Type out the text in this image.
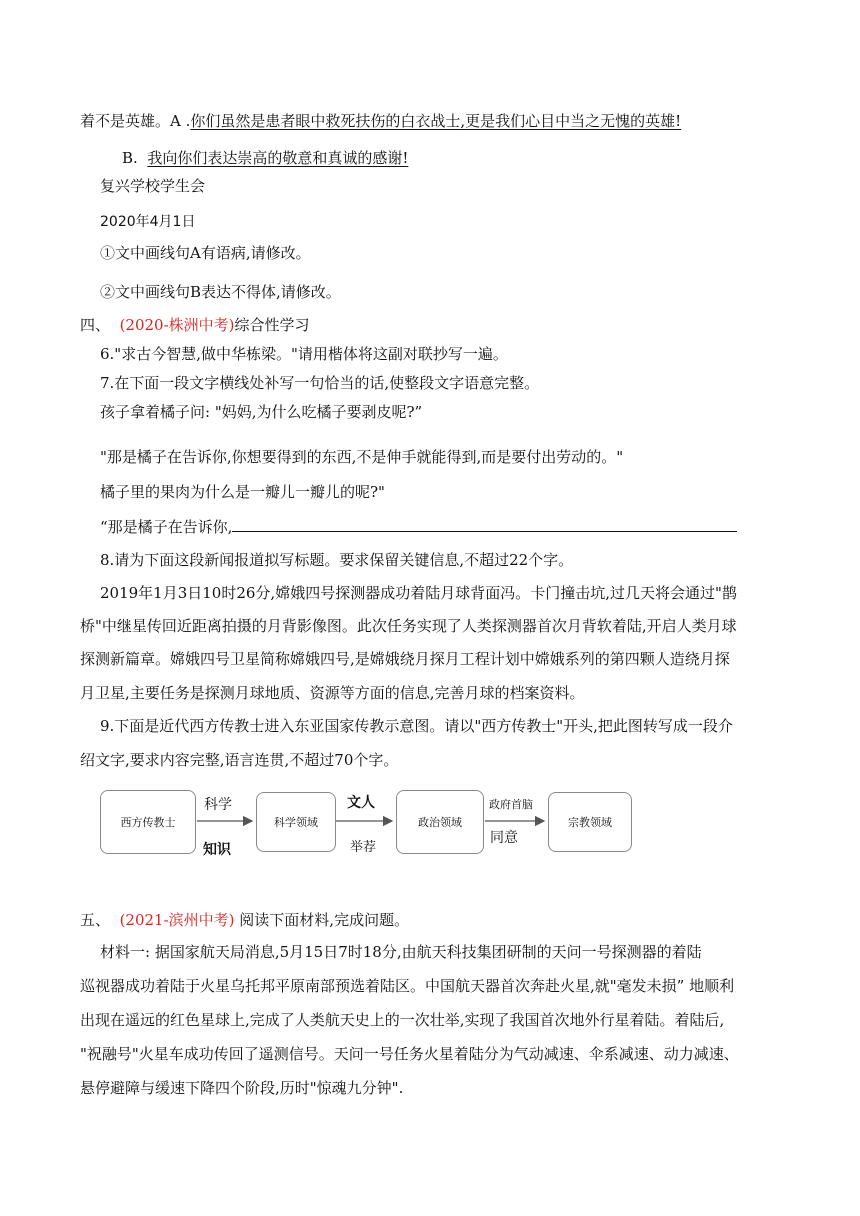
着不是英雄。A .你们虽然是患者眼中救死扶伤的白衣战士,更是我们心目中当之无愧的英雄!
B. 我向你们表达崇高的敬意和真诚的感谢!
复兴学校学生会
2020年4月1日
①文中画线句A有语病,请修改。
②文中画线句B表达不得体,请修改。
四、 (2020-株洲中考)综合性学习
6."求古今智慧,做中华栋梁。"请用楷体将这副对联抄写一遍。
7.在下面一段文字横线处补写一句恰当的话,使整段文字语意完整。
孩子拿着橘子问: "妈妈,为什么吃橘子要剥皮呢?”
"那是橘子在告诉你,你想要得到的东西,不是伸手就能得到,而是要付出劳动的。"
橘子里的果肉为什么是一瓣儿一瓣儿的呢?"
“那是橘子在告诉你,
8.请为下面这段新闻报道拟写标题。要求保留关键信息,不超过22个字。
2019年1月3日10时26分,嫦娥四号探测器成功着陆月球背面冯。卡门撞击坑,过几天将会通过"鹊
桥"中继星传回近距离拍摄的月背影像图。此次任务实现了人类探测器首次月背软着陆,开启人类月球
探测新篇章。嫦娥四号卫星简称嫦娥四号,是嫦娥绕月探月工程计划中嫦娥系列的第四颗人造绕月探
月卫星,主要任务是探测月球地质、资源等方面的信息,完善月球的档案资料。
9.下面是近代西方传教士进入东亚国家传教示意图。请以"西方传教士"开头,把此图转写成一段介
绍文字,要求内容完整,语言连贯,不超过70个字。
西方传教士	科学领域	政治领域	宗教领域
科学
知识
文人
举荐
政府首脑
同意
五、 (2021-滨州中考) 阅读下面材料,完成问题。
材料一: 据国家航天局消息,5月15日7时18分,由航天科技集团研制的天问一号探测器的着陆
巡视器成功着陆于火星乌托邦平原南部预选着陆区。中国航天器首次奔赴火星,就"毫发未损” 地顺利
出现在遥远的红色星球上,完成了人类航天史上的一次壮举,实现了我国首次地外行星着陆。着陆后,
"祝融号"火星车成功传回了遥测信号。天问一号任务火星着陆分为气动减速、伞系减速、动力减速、
悬停避障与缓速下降四个阶段,历时"惊魂九分钟".
